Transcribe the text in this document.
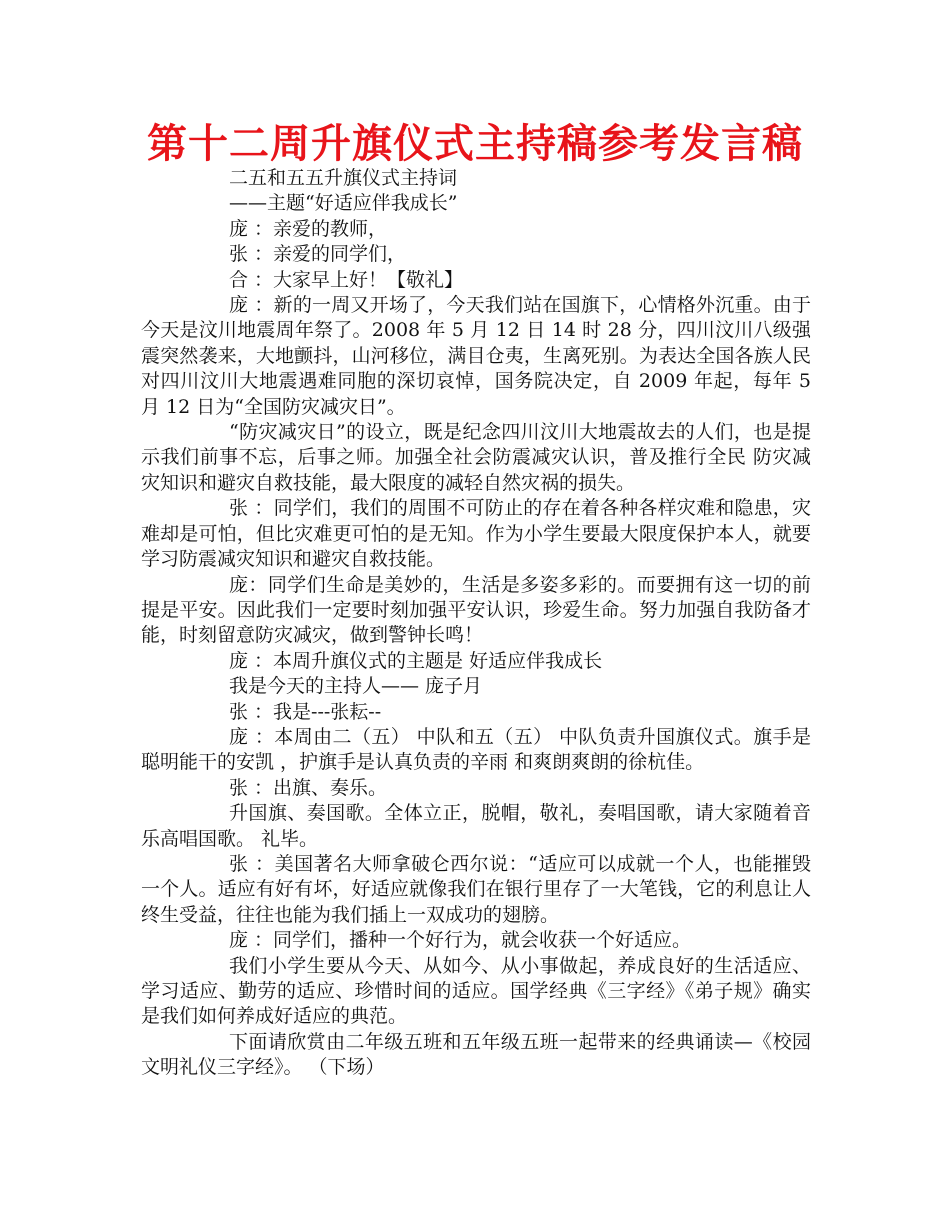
第十二周升旗仪式主持稿参考发言稿

二五和五五升旗仪式主持词

——主题“好适应伴我成长”

庞 ：亲爱的教师，

张 ：亲爱的同学们，

合 ：大家早上好！【敬礼】

庞 ：新的一周又开场了，今天我们站在国旗下，心情格外沉重。由于今天是汶川地震周年祭了。2008 年 5 月 12 日 14 时 28 分，四川汶川八级强震突然袭来，大地颤抖，山河移位，满目仓夷，生离死别。为表达全国各族人民对四川汶川大地震遇难同胞的深切哀悼，国务院决定，自 2009 年起，每年 5 月 12 日为“全国防灾减灾日”。

“防灾减灾日”的设立，既是纪念四川汶川大地震故去的人们，也是提示我们前事不忘，后事之师。加强全社会防震减灾认识，普及推行全民 防灾减灾知识和避灾自救技能，最大限度的减轻自然灾祸的损失。

张 ：同学们，我们的周围不可防止的存在着各种各样灾难和隐患，灾难却是可怕，但比灾难更可怕的是无知。作为小学生要最大限度保护本人，就要学习防震减灾知识和避灾自救技能。

庞：同学们生命是美妙的，生活是多姿多彩的。而要拥有这一切的前提是平安。因此我们一定要时刻加强平安认识，珍爱生命。努力加强自我防备才能，时刻留意防灾减灾，做到警钟长鸣！

庞 ：本周升旗仪式的主题是 好适应伴我成长

我是今天的主持人—— 庞子月

张 ：我是---张耘--

庞 ：本周由二（五） 中队和五（五） 中队负责升国旗仪式。旗手是聪明能干的安凯 ，护旗手是认真负责的辛雨 和爽朗爽朗的徐杭佳。

张 ：出旗、奏乐。

升国旗、奏国歌。全体立正，脱帽，敬礼，奏唱国歌，请大家随着音乐高唱国歌。 礼毕。

张 ：美国著名大师拿破仑西尔说：“适应可以成就一个人，也能摧毁一个人。适应有好有坏，好适应就像我们在银行里存了一大笔钱，它的利息让人终生受益，往往也能为我们插上一双成功的翅膀。

庞 ：同学们，播种一个好行为，就会收获一个好适应。

我们小学生要从今天、从如今、从小事做起，养成良好的生活适应、学习适应、勤劳的适应、珍惜时间的适应。国学经典《三字经》《弟子规》确实是我们如何养成好适应的典范。

下面请欣赏由二年级五班和五年级五班一起带来的经典诵读—《校园文明礼仪三字经》。 （下场）
